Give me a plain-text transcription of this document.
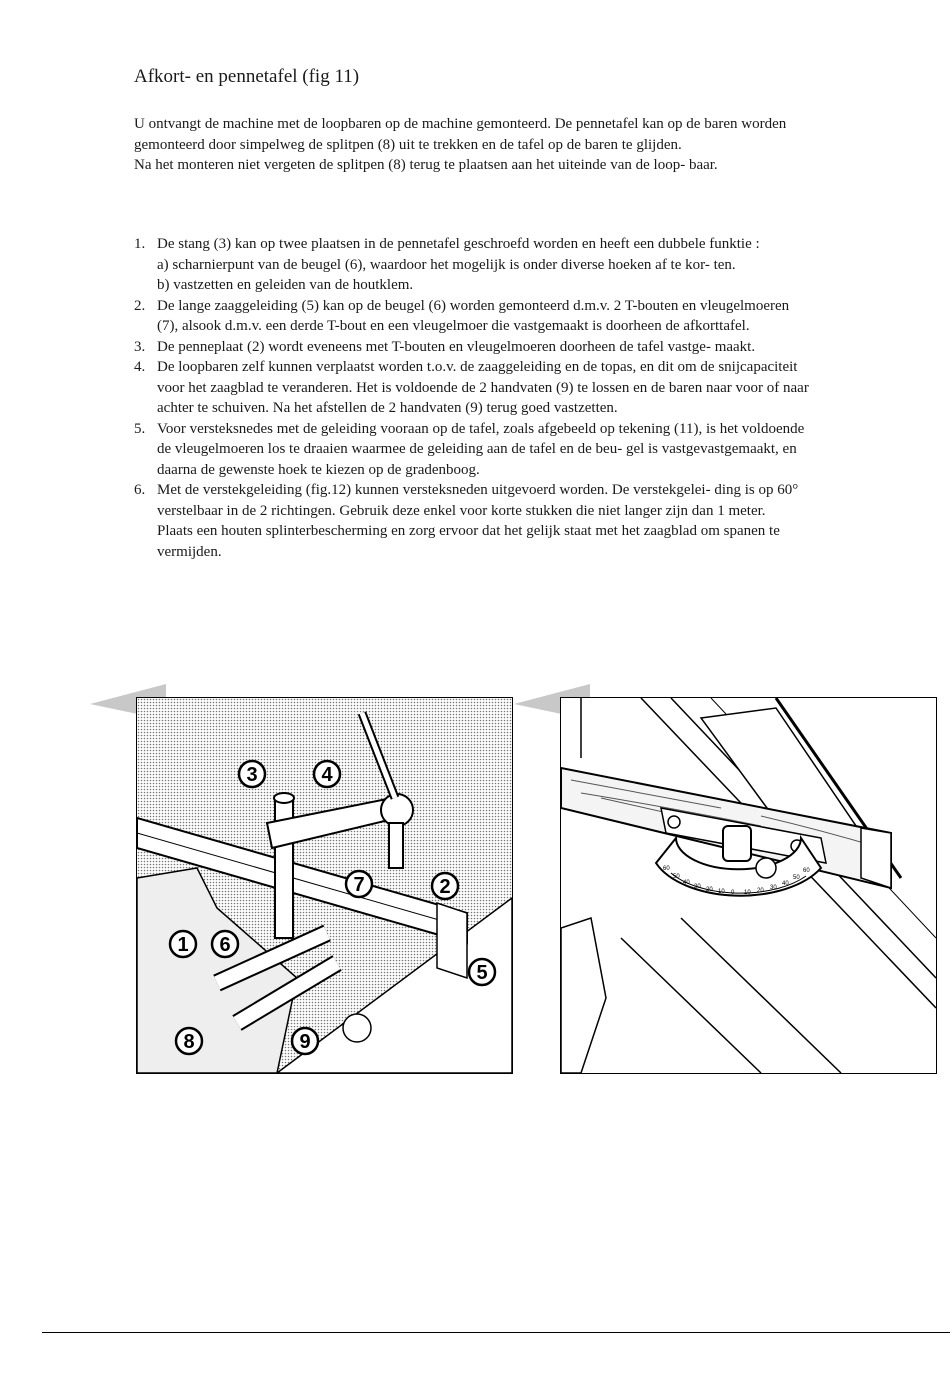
Afkort- en pennetafel (fig 11)

U ontvangt de machine met de loopbaren op de machine gemonteerd. De pennetafel kan op de baren worden gemonteerd door simpelweg de splitpen (8) uit te trekken en de tafel op de baren te glijden.

Na het monteren niet vergeten de splitpen (8) terug te plaatsen aan het uiteinde van de loop- baar.

1. De stang (3) kan op twee plaatsen in de pennetafel geschroefd worden en heeft een dubbele funktie :
a) scharnierpunt van de beugel (6), waardoor het mogelijk is onder diverse hoeken af te kor- ten.
b) vastzetten en geleiden van de houtklem.
2. De lange zaaggeleiding (5) kan op de beugel (6) worden gemonteerd d.m.v. 2 T-bouten en vleugelmoeren (7), alsook d.m.v. een derde T-bout en een vleugelmoer die vastgemaakt is doorheen de afkorttafel.
3. De penneplaat (2) wordt eveneens met T-bouten en vleugelmoeren doorheen de tafel vastge- maakt.
4. De loopbaren zelf kunnen verplaatst worden t.o.v. de zaaggeleiding en de topas, en dit om de snijcapaciteit voor het zaagblad te veranderen. Het is voldoende de 2 handvaten (9) te lossen en de baren naar voor of naar achter te schuiven. Na het afstellen de 2 handvaten (9) terug goed vastzetten.
5. Voor versteksnedes met de geleiding vooraan op de tafel, zoals afgebeeld op tekening (11), is het voldoende de vleugelmoeren los te draaien waarmee de geleiding aan de tafel en de beu- gel is vastgevastgemaakt, en daarna de gewenste hoek te kiezen op de gradenboog.
6. Met de verstekgeleiding (fig.12) kunnen versteksneden uitgevoerd worden. De verstekgelei- ding is op 60° verstelbaar in de 2 richtingen. Gebruik deze enkel voor korte stukken die niet langer zijn dan 1 meter.
Plaats een houten splinterbescherming en zorg ervoor dat het gelijk staat met het zaagblad om spanen te vermijden.
3	4
7	2
1 6
5
8	9
60
50
40
30 20 10 0 10 20 30
40
50
60
